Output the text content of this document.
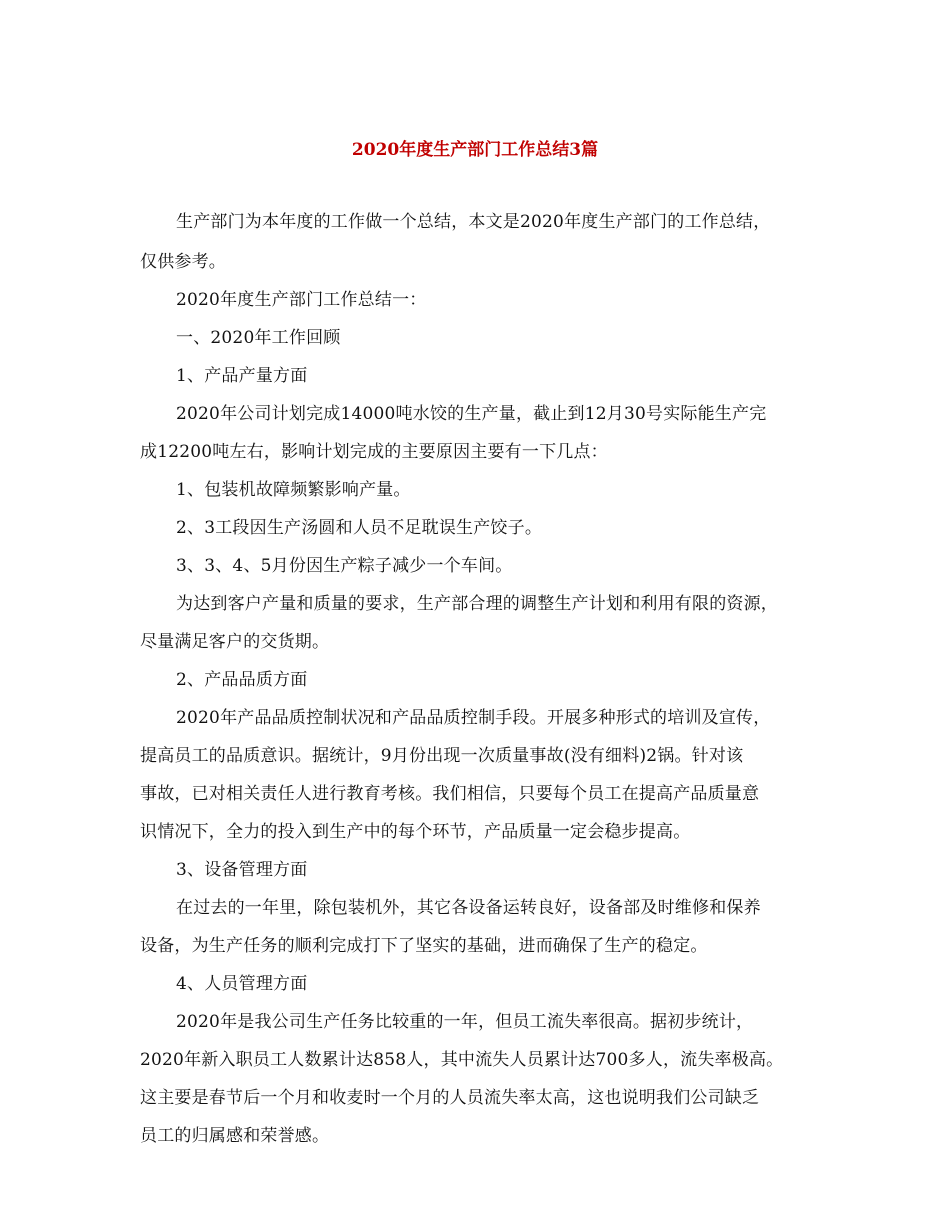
2020年度生产部门工作总结3篇
生产部门为本年度的工作做一个总结，本文是2020年度生产部门的工作总结，
仅供参考。
2020年度生产部门工作总结一：
一、2020年工作回顾
1、产品产量方面
2020年公司计划完成14000吨水饺的生产量，截止到12月30号实际能生产完
成12200吨左右，影响计划完成的主要原因主要有一下几点：
1、包装机故障频繁影响产量。
2、3工段因生产汤圆和人员不足耽误生产饺子。
3、3、4、5月份因生产粽子减少一个车间。
为达到客户产量和质量的要求，生产部合理的调整生产计划和利用有限的资源，
尽量满足客户的交货期。
2、产品品质方面
2020年产品品质控制状况和产品品质控制手段。开展多种形式的培训及宣传，
提高员工的品质意识。据统计，9月份出现一次质量事故(没有细料)2锅。针对该
事故，已对相关责任人进行教育考核。我们相信，只要每个员工在提高产品质量意
识情况下，全力的投入到生产中的每个环节，产品质量一定会稳步提高。
3、设备管理方面
在过去的一年里，除包装机外，其它各设备运转良好，设备部及时维修和保养
设备，为生产任务的顺利完成打下了坚实的基础，进而确保了生产的稳定。
4、人员管理方面
2020年是我公司生产任务比较重的一年，但员工流失率很高。据初步统计，
2020年新入职员工人数累计达858人，其中流失人员累计达700多人，流失率极高。
这主要是春节后一个月和收麦时一个月的人员流失率太高，这也说明我们公司缺乏
员工的归属感和荣誉感。
